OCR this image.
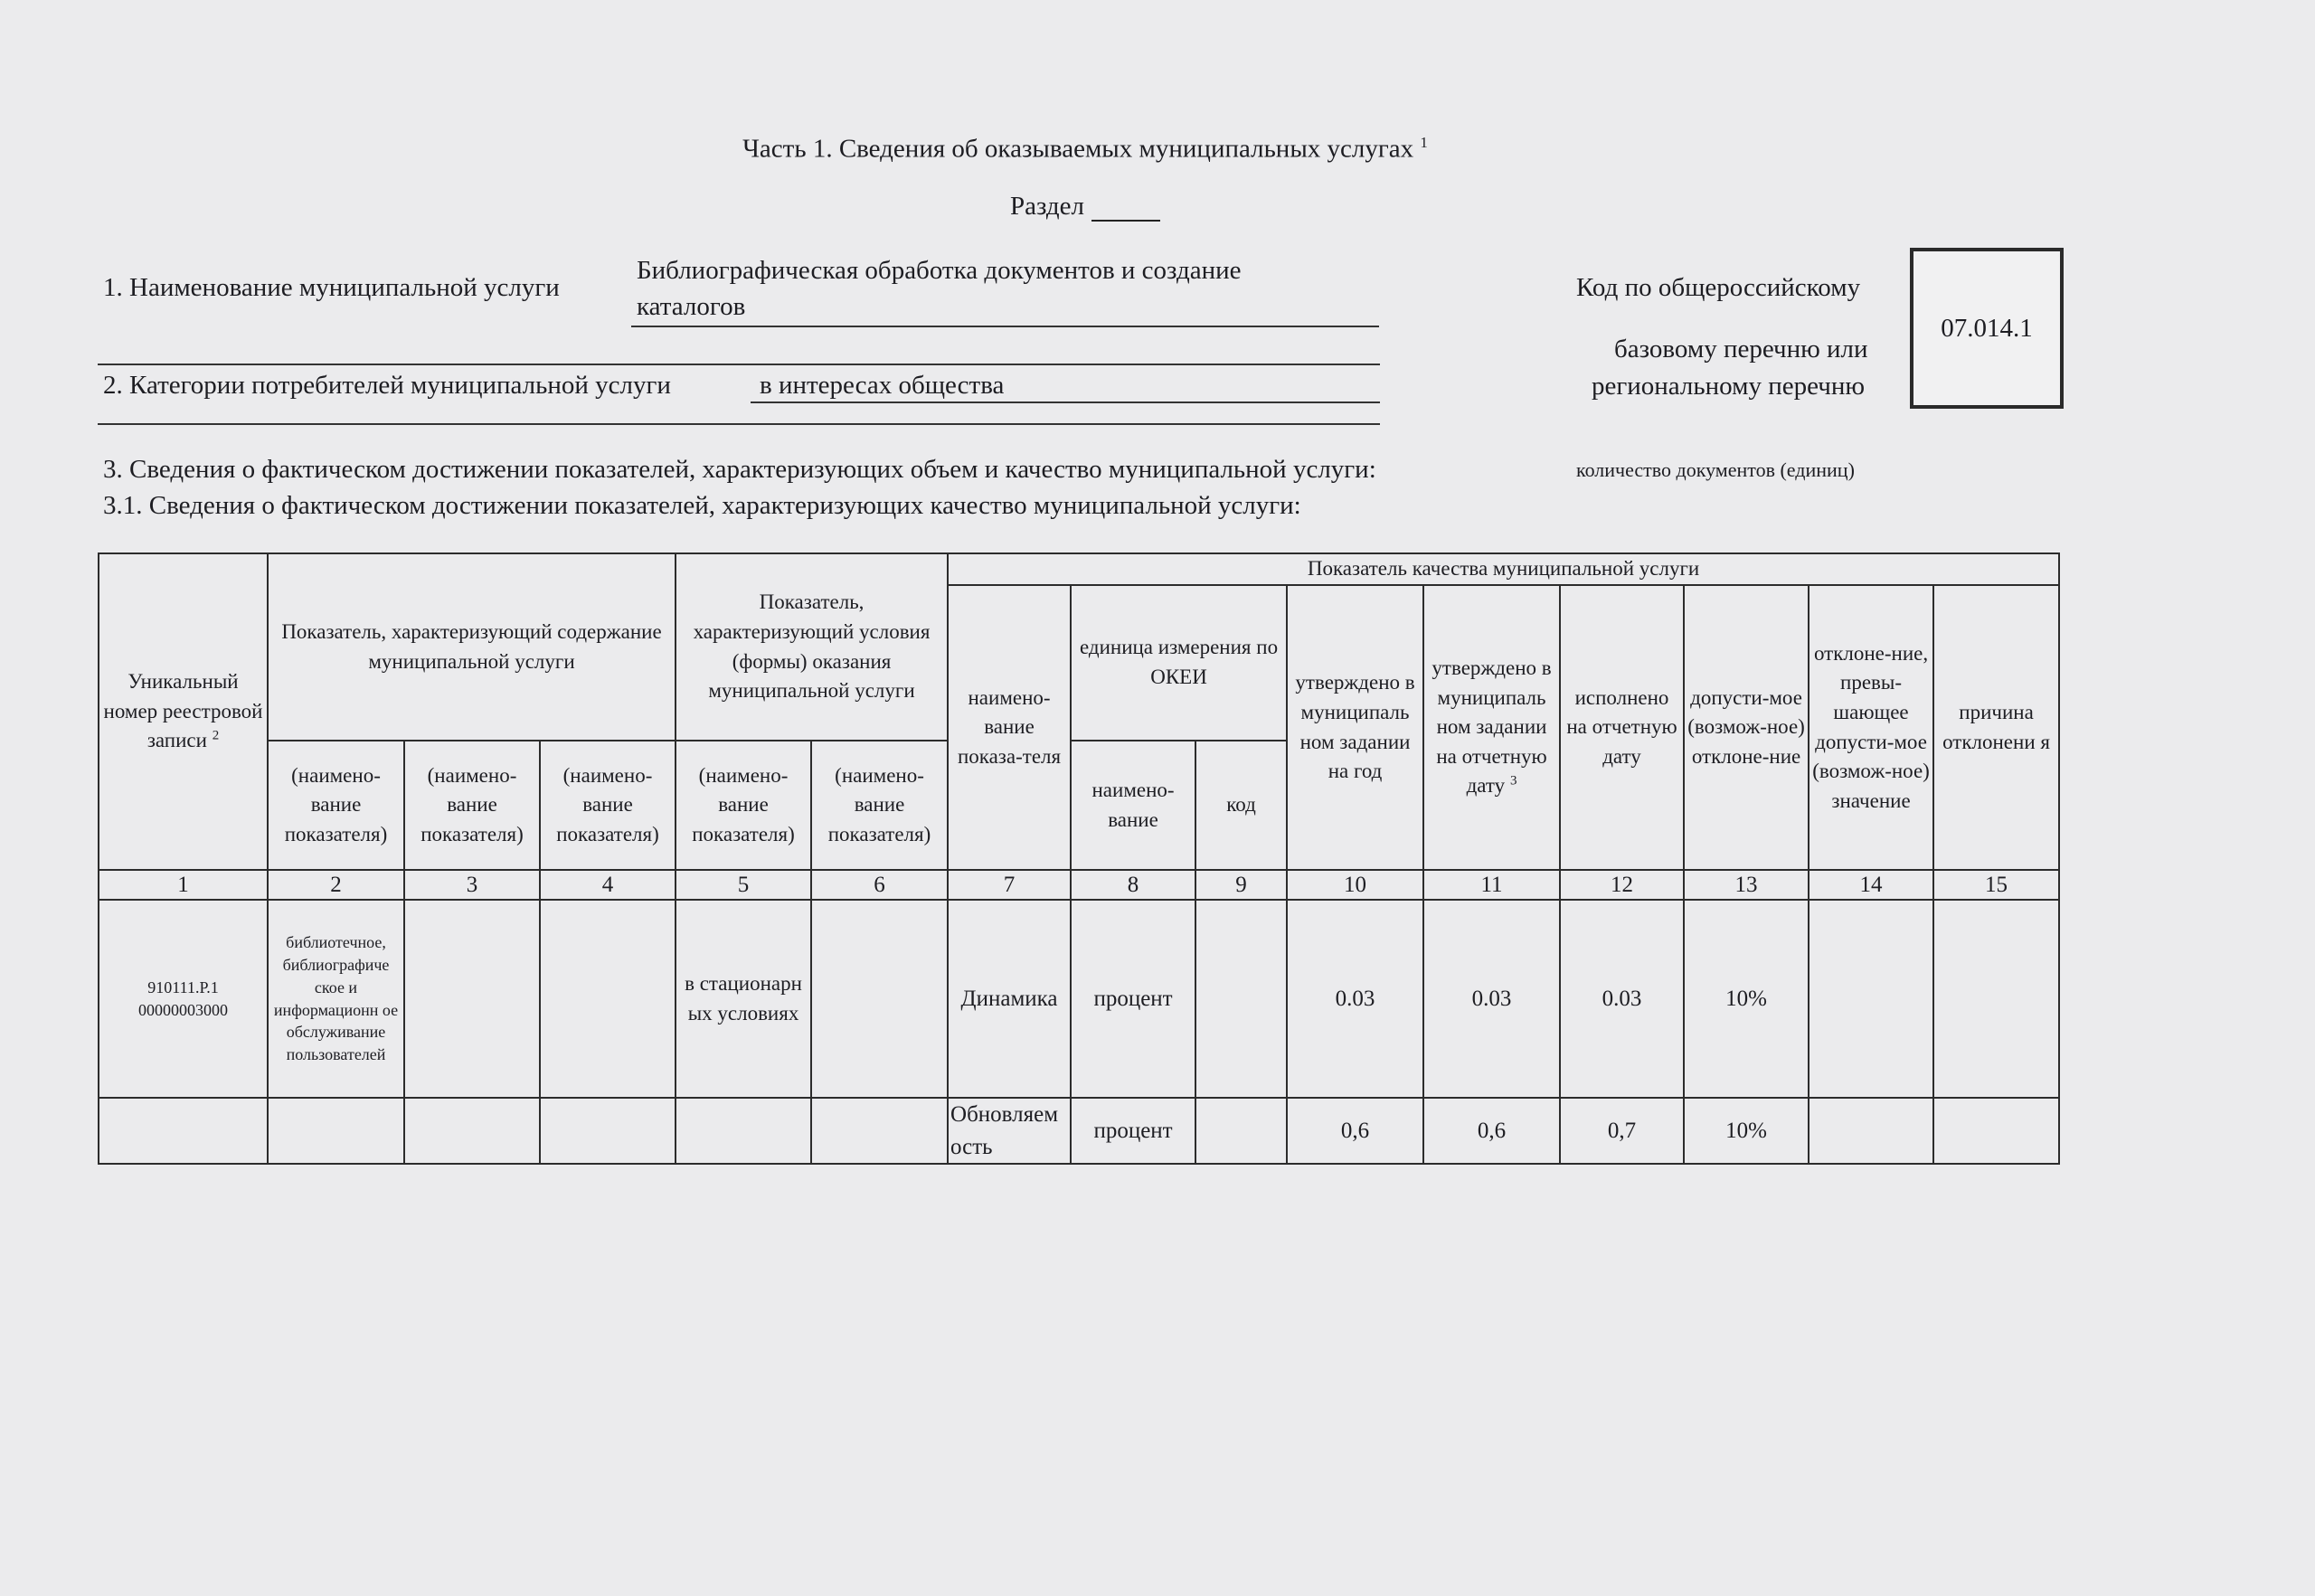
Часть 1. Сведения об оказываемых муниципальных услугах $^1$
Раздел
1. Наименование муниципальной услуги
Библиографическая обработка документов и создание
каталогов
2. Категории потребителей муниципальной услуги	в интересах общества
Код по общероссийскому
базовому перечню или
региональному перечню
07.014.1
3. Сведения о фактическом достижении показателей, характеризующих объем и качество муниципальной услуги:	количество документов (единиц)
3.1. Сведения о фактическом достижении показателей, характеризующих качество муниципальной услуги:
Уникальный номер реестровой записи $^2$	Показатель, характеризующий содержание муниципальной услуги			Показатель, характеризующий условия (формы) оказания муниципальной услуги		Показатель качества муниципальной услуги								
						наимено-вание показа-теля	единица измерения по ОКЕИ		утверждено в муниципаль ном задании на год	утверждено в муниципаль ном задании на отчетную дату $^3$	исполнено на отчетную дату	допусти-мое (возмож-ное) отклоне-ние	отклоне-ние, превы-шающее допусти-мое (возмож-ное) значение	причина отклонени я
	(наимено-вание показателя)	(наимено-вание показателя)	(наимено-вание показателя)	(наимено-вание показателя)	(наимено-вание показателя)		наимено-вание	код						
1	2	3	4	5	6	7	8	9	10	11	12	13	14	15
910111.Р.1 00000003000	библиотечное, библиографиче ское и информационн ое обслуживание пользователей			в стационарн ых условиях		Динамика	процент		0.03	0.03	0.03	10%		
						Обновляем ость	процент		0,6	0,6	0,7	10%		
